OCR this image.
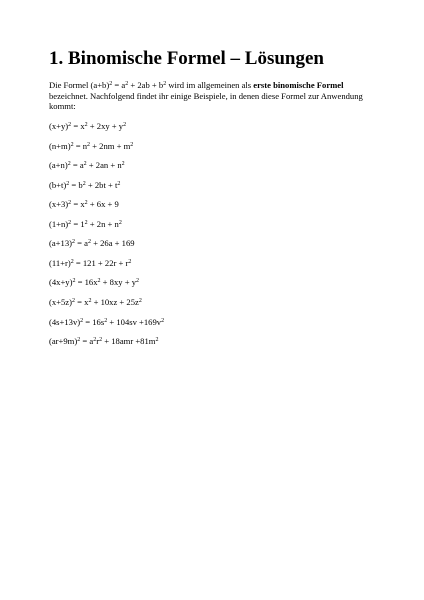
1. Binomische Formel – Lösungen
Die Formel $(a+b)^2 = a^2 + 2ab + b^2$ wird im allgemeinen als erste binomische Formel bezeichnet. Nachfolgend findet ihr einige Beispiele, in denen diese Formel zur Anwendung kommt:
$(x+y)^2 = x^2 + 2xy + y^2$
$(n+m)^2 = n^2 + 2nm + m^2$
$(a+n)^2 = a^2 + 2an + n^2$
$(b+t)^2 = b^2 + 2bt + t^2$
$(x+3)^2 = x^2 + 6x + 9$
$(1+n)^2 = 1^2 + 2n + n^2$
$(a+13)^2 = a^2 + 26a + 169$
$(11+r)^2 = 121 + 22r + r^2$
$(4x+y)^2 = 16x^2 + 8xy + y^2$
$(x+5z)^2 = x^2 + 10xz + 25z^2$
$(4s+13v)^2 = 16s^2 + 104sv +169v^2$
$(ar+9m)^2 = a^2r^2 + 18amr +81m^2$
